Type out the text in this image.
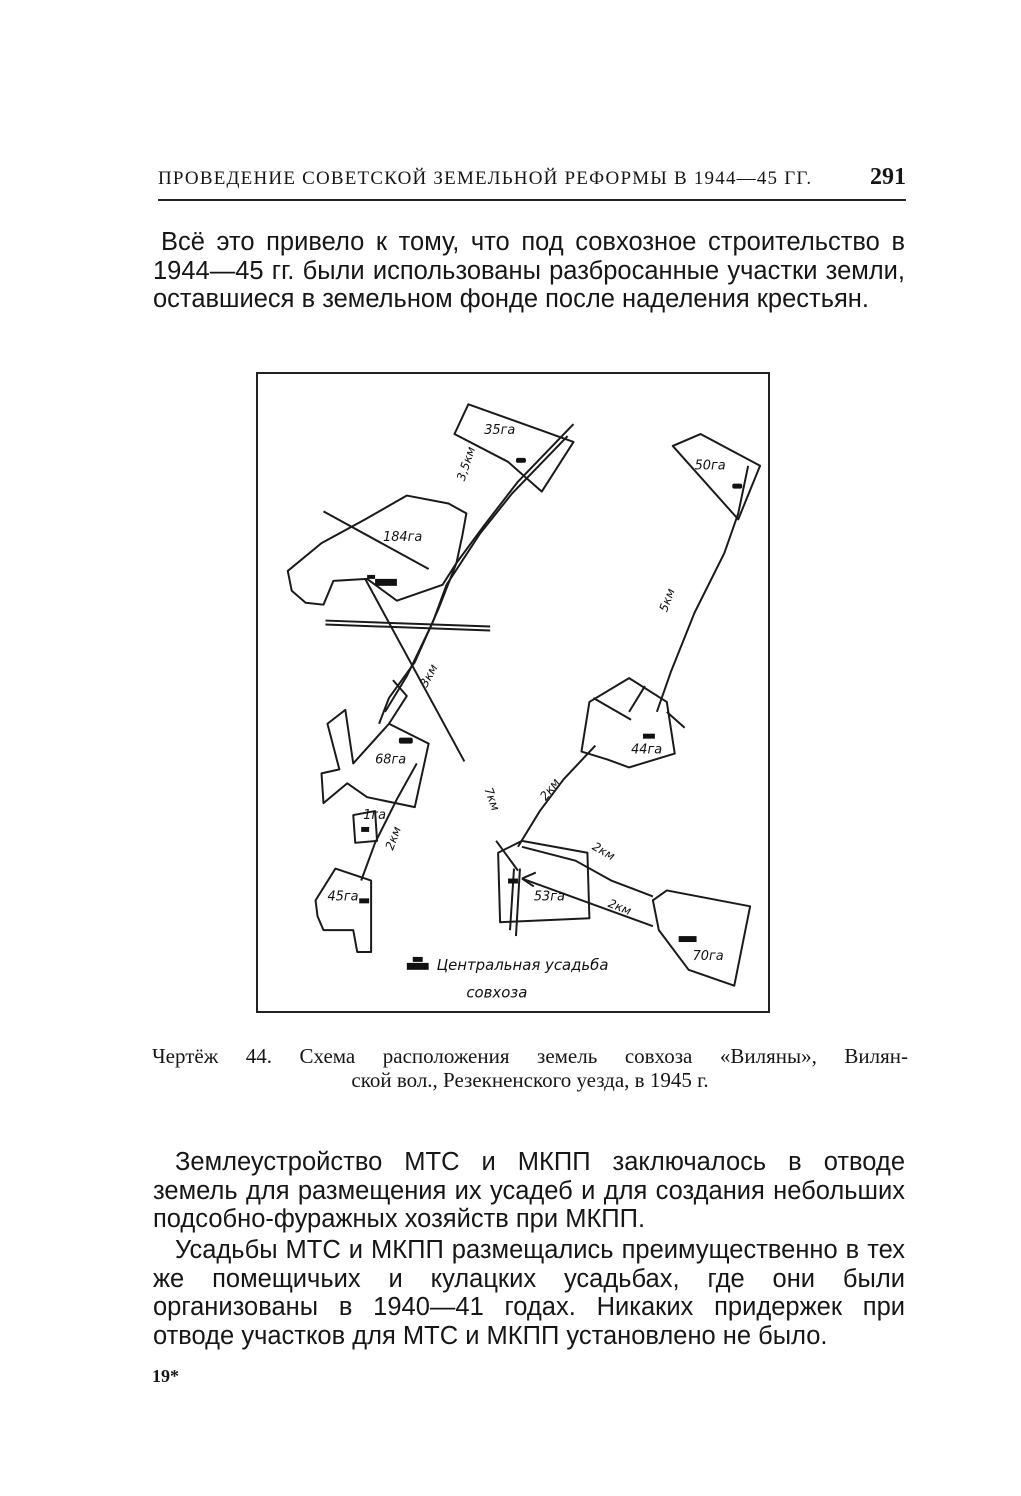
ПРОВЕДЕНИЕ СОВЕТСКОЙ ЗЕМЕЛЬНОЙ РЕФОРМЫ В 1944—45 ГГ. 291

Всё это привело к тому, что под совхозное строительство в 1944—45 гг. были использованы разбросанные участки земли, оставшиеся в земельном фонде после наделения крестьян.

35га
50га
184га
44га
68га
1га
45га	53га
70га
3,5км
5км
3км
7км
2км
2км
2км
2км
Центральная усадьба
совхоза

Чертёж 44. Схема расположения земель совхоза «Виляны», Вилян-
ской вол., Резекненского уезда, в 1945 г.

Землеустройство МТС и МКПП заключалось в отводе земель для размещения их усадеб и для создания небольших подсобно-фуражных хозяйств при МКПП.

Усадьбы МТС и МКПП размещались преимущественно в тех же помещичьих и кулацких усадьбах, где они были организованы в 1940—41 годах. Никаких придержек при отводе участков для МТС и МКПП установлено не было.

19*
